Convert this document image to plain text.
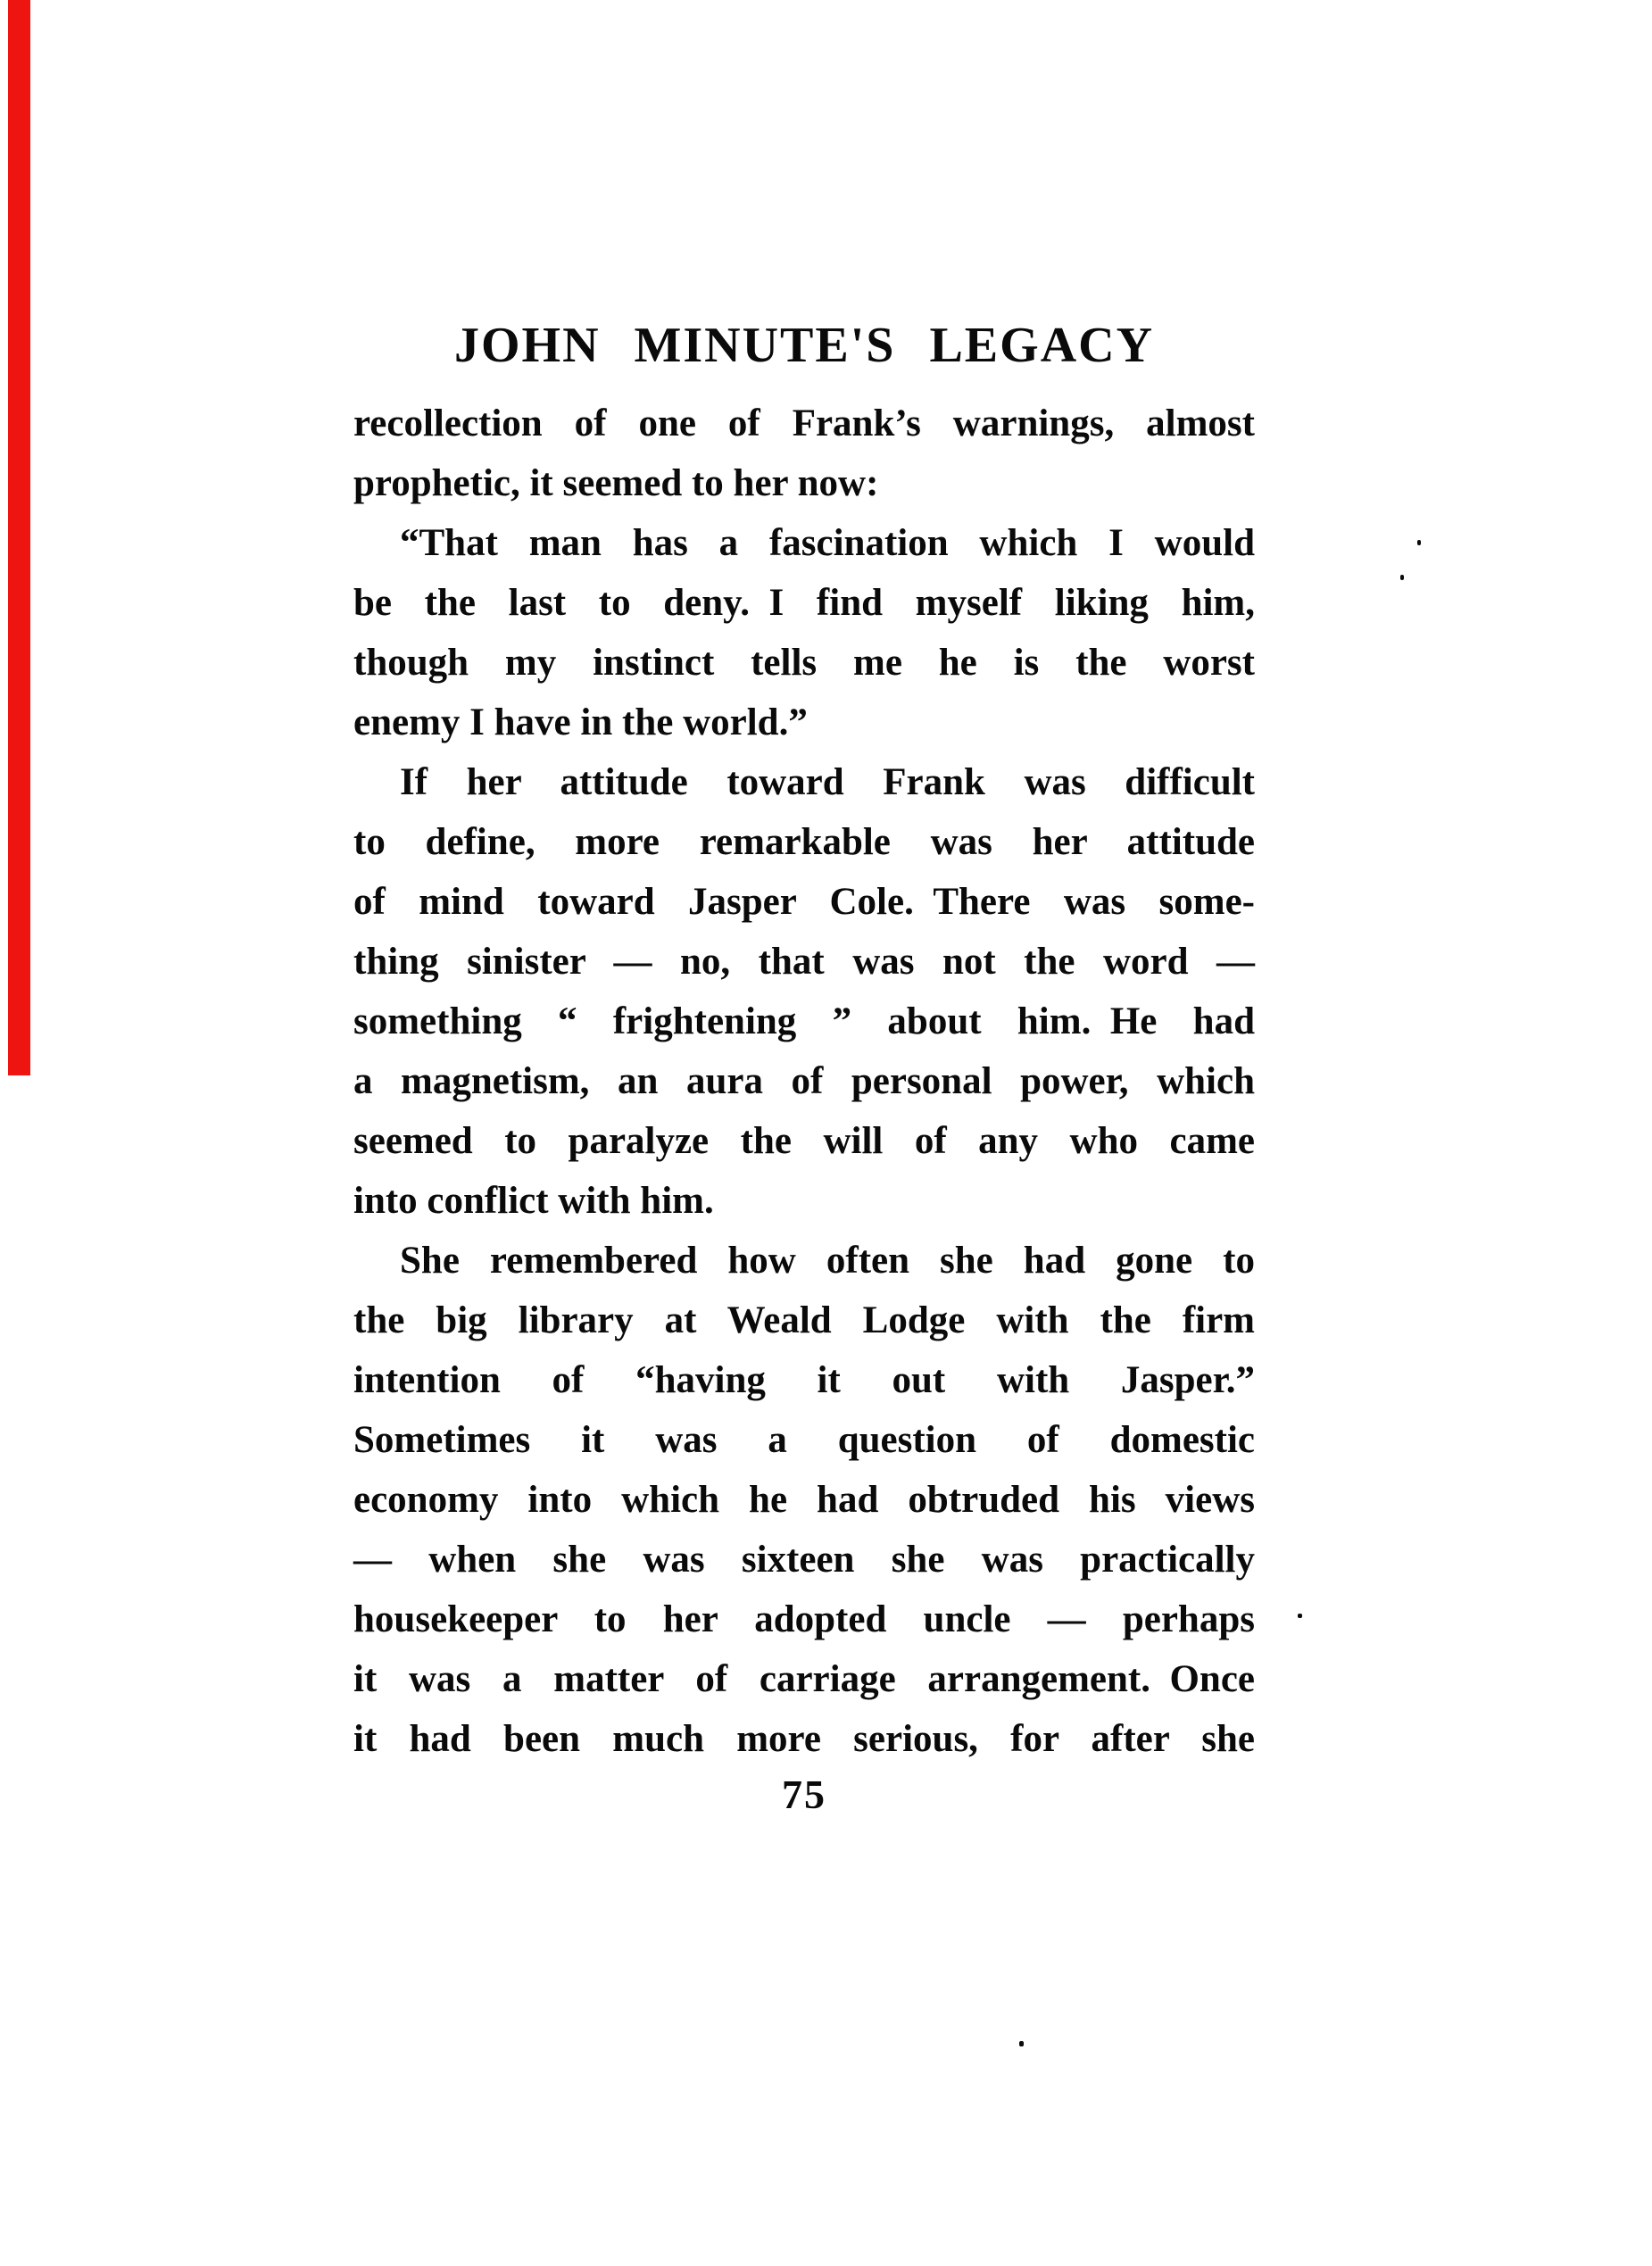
JOHN MINUTE'S LEGACY
recollection of one of Frank’s warnings, almost
prophetic, it seemed to her now:
“That man has a fascination which I would
be the last to deny. I find myself liking him,
though my instinct tells me he is the worst
enemy I have in the world.”
If her attitude toward Frank was difficult
to define, more remarkable was her attitude
of mind toward Jasper Cole. There was some-
thing sinister — no, that was not the word —
something “ frightening ” about him. He had
a magnetism, an aura of personal power, which
seemed to paralyze the will of any who came
into conflict with him.
She remembered how often she had gone to
the big library at Weald Lodge with the firm
intention of “having it out with Jasper.”
Sometimes it was a question of domestic
economy into which he had obtruded his views
— when she was sixteen she was practically
housekeeper to her adopted uncle — perhaps
it was a matter of carriage arrangement. Once
it had been much more serious, for after she
75
